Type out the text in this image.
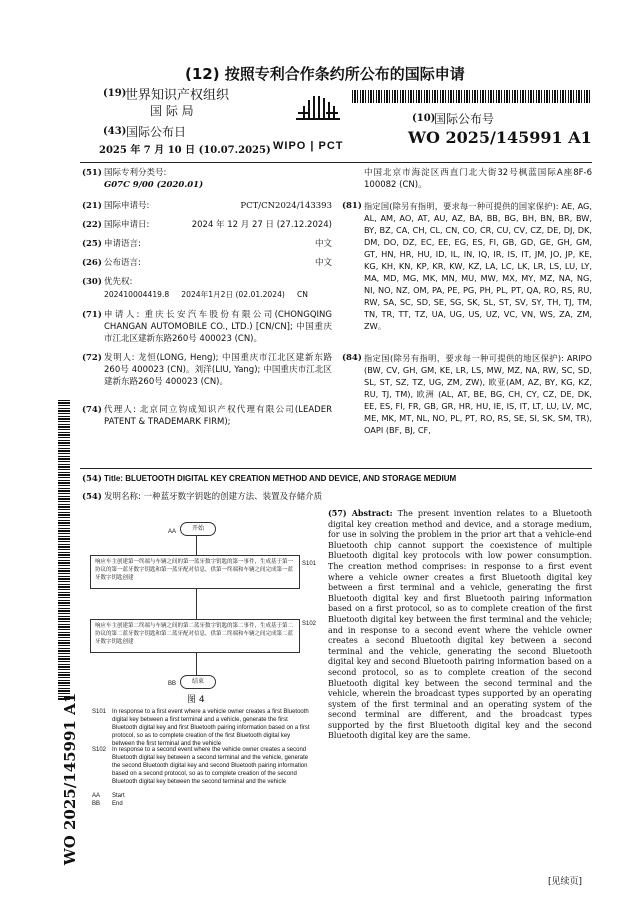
(12) 按照专利合作条约所公布的国际申请
(19)
世界知识产权组织
国 际 局
(43) 国际公布日
2025 年 7 月 10 日 (10.07.2025) WIPO | PCT
(10)
国际公布号
WO 2025/145991 A1
WO 2025/145991 A1
(51) 国际专利分类号:
G07C 9/00 (2020.01)
(21) 国际申请号:	PCT/CN2024/143393
(22) 国际申请日:	2024 年 12 月 27 日 (27.12.2024)
(25) 申请语言:	中文
(26) 公布语言:	中文
(30) 优先权:
202410004419.8     2024年1月2日 (02.01.2024)     CN
(71) 申请人: 重庆长安汽车股份有限公司(CHONGQING CHANGAN AUTOMOBILE CO., LTD.) [CN/CN]; 中国重庆市江北区建新东路260号 400023 (CN)。
(72) 发明人: 龙恒(LONG, Heng); 中国重庆市江北区建新东路260号 400023 (CN)。刘洋(LIU, Yang); 中国重庆市江北区建新东路260号 400023 (CN)。
(74) 代理人: 北京同立钧成知识产权代理有限公司(LEADER PATENT & TRADEMARK FIRM);
中国北京市海淀区西直门北大街32号枫蓝国际A座8F-6 100082 (CN)。
(81) 指定国(除另有指明，要求每一种可提供的国家保护): AE, AG, AL, AM, AO, AT, AU, AZ, BA, BB, BG, BH, BN, BR, BW, BY, BZ, CA, CH, CL, CN, CO, CR, CU, CV, CZ, DE, DJ, DK, DM, DO, DZ, EC, EE, EG, ES, FI, GB, GD, GE, GH, GM, GT, HN, HR, HU, ID, IL, IN, IQ, IR, IS, IT, JM, JO, JP, KE, KG, KH, KN, KP, KR, KW, KZ, LA, LC, LK, LR, LS, LU, LY, MA, MD, MG, MK, MN, MU, MW, MX, MY, MZ, NA, NG, NI, NO, NZ, OM, PA, PE, PG, PH, PL, PT, QA, RO, RS, RU, RW, SA, SC, SD, SE, SG, SK, SL, ST, SV, SY, TH, TJ, TM, TN, TR, TT, TZ, UA, UG, US, UZ, VC, VN, WS, ZA, ZM, ZW。
(84) 指定国(除另有指明，要求每一种可提供的地区保护): ARIPO (BW, CV, GH, GM, KE, LR, LS, MW, MZ, NA, RW, SC, SD, SL, ST, SZ, TZ, UG, ZM, ZW), 欧亚(AM, AZ, BY, KG, KZ, RU, TJ, TM), 欧洲 (AL, AT, BE, BG, CH, CY, CZ, DE, DK, EE, ES, FI, FR, GB, GR, HR, HU, IE, IS, IT, LT, LU, LV, MC, ME, MK, MT, NL, NO, PL, PT, RO, RS, SE, SI, SK, SM, TR), OAPI (BF, BJ, CF,
(54) Title: BLUETOOTH DIGITAL KEY CREATION METHOD AND DEVICE, AND STORAGE MEDIUM
(54) 发明名称: 一种蓝牙数字钥匙的创建方法、装置及存储介质
AA	开始
S101
响应车主创建第一终端与车辆之间的第一蓝牙数字钥匙的第一事件，生成基于第一协议的第一蓝牙数字钥匙和第一蓝牙配对信息，供第一终端和车辆之间完成第一蓝牙数字钥匙创建
S102
响应车主创建第二终端与车辆之间的第二蓝牙数字钥匙的第二事件，生成基于第二协议的第二蓝牙数字钥匙和第二蓝牙配对信息，供第二终端和车辆之间完成第二蓝牙数字钥匙创建
BB	结束
图 4
S101 In response to a first event where a vehicle owner creates a first Bluetooth digital key between a first terminal and a vehicle, generate the first Bluetooth digital key and first Bluetooth pairing information based on a first protocol, so as to complete creation of the first Bluetooth digital key between the first terminal and the vehicle
S102 In response to a second event where the vehicle owner creates a second Bluetooth digital key between a second terminal and the vehicle, generate the second Bluetooth digital key and second Bluetooth pairing information based on a second protocol, so as to complete creation of the second Bluetooth digital key between the second terminal and the vehicle
AA Start
BB End
(57) Abstract: The present invention relates to a Bluetooth digital key creation method and device, and a storage medium, for use in solving the problem in the prior art that a vehicle-end Bluetooth chip cannot support the coexistence of multiple Bluetooth digital key protocols with low power consumption. The creation method comprises: in response to a first event where a vehicle owner creates a first Bluetooth digital key between a first terminal and a vehicle, generating the first Bluetooth digital key and first Bluetooth pairing information based on a first protocol, so as to complete creation of the first Bluetooth digital key between the first terminal and the vehicle; and in response to a second event where the vehicle owner creates a second Bluetooth digital key between a second terminal and the vehicle, generating the second Bluetooth digital key and second Bluetooth pairing information based on a second protocol, so as to complete creation of the second Bluetooth digital key between the second terminal and the vehicle, wherein the broadcast types supported by an operating system of the first terminal and an operating system of the second terminal are different, and the broadcast types supported by the first Bluetooth digital key and the second Bluetooth digital key are the same.
[见续页]
